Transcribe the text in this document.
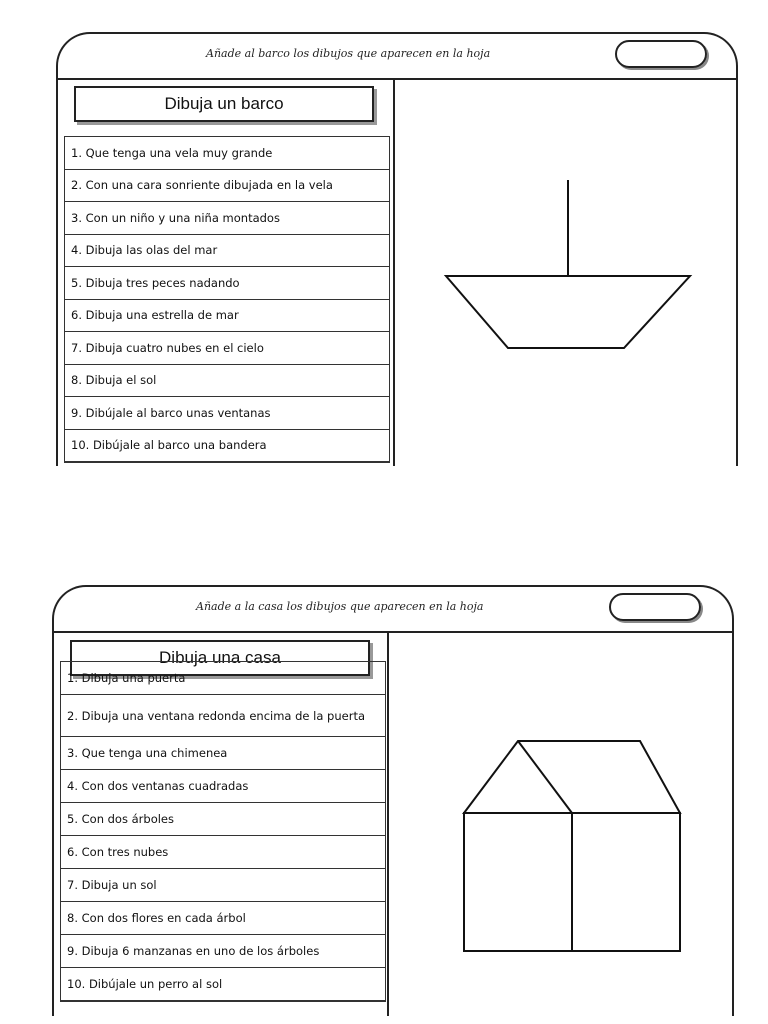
Añade al barco los dibujos que aparecen en la hoja
Dibuja un barco
1. Que tenga una vela muy grande
2. Con una cara sonriente dibujada en la vela
3. Con un niño y una niña montados
4. Dibuja las olas del mar
5. Dibuja tres peces nadando
6. Dibuja una estrella de mar
7. Dibuja cuatro nubes en el cielo
8. Dibuja el sol
9. Dibújale al barco unas ventanas
10. Dibújale al barco una bandera
Añade a la casa los dibujos que aparecen en la hoja
Dibuja una casa
1. Dibuja una puerta
2. Dibuja una ventana redonda encima de la puerta
3. Que tenga una chimenea
4. Con dos ventanas cuadradas
5. Con dos árboles
6. Con tres nubes
7. Dibuja un sol
8. Con dos flores en cada árbol
9. Dibuja 6 manzanas en uno de los árboles
10. Dibújale un perro al sol
